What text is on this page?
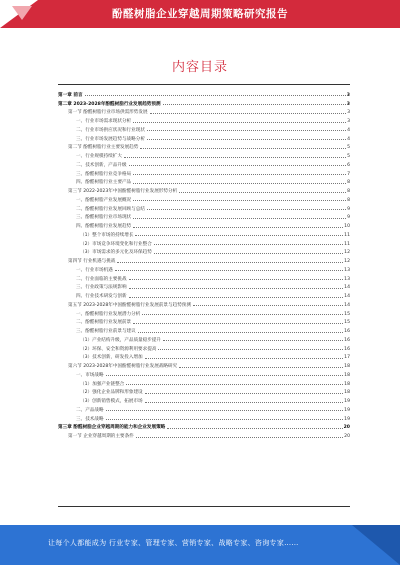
酚醛树脂企业穿越周期策略研究报告
内容目录
第一章 前言	3
第二章 2023-2028年酚醛树脂行业发展趋势预测	3
第一节 酚醛树脂行业市场供需形势发展	3
一、行业市场需求现状分析	3
二、行业市场供应状况和行业现状	4
三、行业市场发展趋势与战略分析	4
第二节 酚醛树脂行业主要发展趋势	5
一、行业规模持续扩大	5
二、技术创新，产品升级	6
三、酚醛树脂行业竞争格局	7
四、酚醛树脂行业主要产品	8
第三节 2022-2023年中国酚醛树脂行业发展形势分析	8
一、酚醛树脂产业发展概况	8
二、酚醛树脂行业发展回顾与总结	9
三、酚醛树脂行业市场现状	9
四、酚醛树脂行业发展趋势	10
（1）整个市场的持续增长	11
（2）市场竞争环境变化和行业整合	11
（3）市场需求的多元化及环保趋势	12
第四节 行业机遇与挑战	12
一、行业市场机遇	13
二、行业面临的主要挑战	13
三、行业政策与法规影响	14
四、行业技术研发与创新	14
第五节 2023-2028年中国酚醛树脂行业发展前景与趋势预测	14
一、酚醛树脂行业发展潜力分析	15
二、酚醛树脂行业发展前景	15
三、酚醛树脂行业前景与建议	16
（1）产业结构升级，产品质量稳步提升	16
（2）环保、安全和资源利用要求提高	16
（3）技术创新，研发投入增加	17
第六节 2023-2028年中国酚醛树脂行业发展战略研究	18
一、市场战略	18
（1）加强产业链整合	18
（2）强化企业品牌和形象建设	18
（3）创新销售模式，拓展市场	19
二、产品战略	19
三、技术战略	19
第三章 酚醛树脂企业穿越周期的能力和企业发展策略	20
第一节 企业穿越周期的主要条件	20
让每个人都能成为 行业专家、管理专家、营销专家、战略专家、咨询专家……
